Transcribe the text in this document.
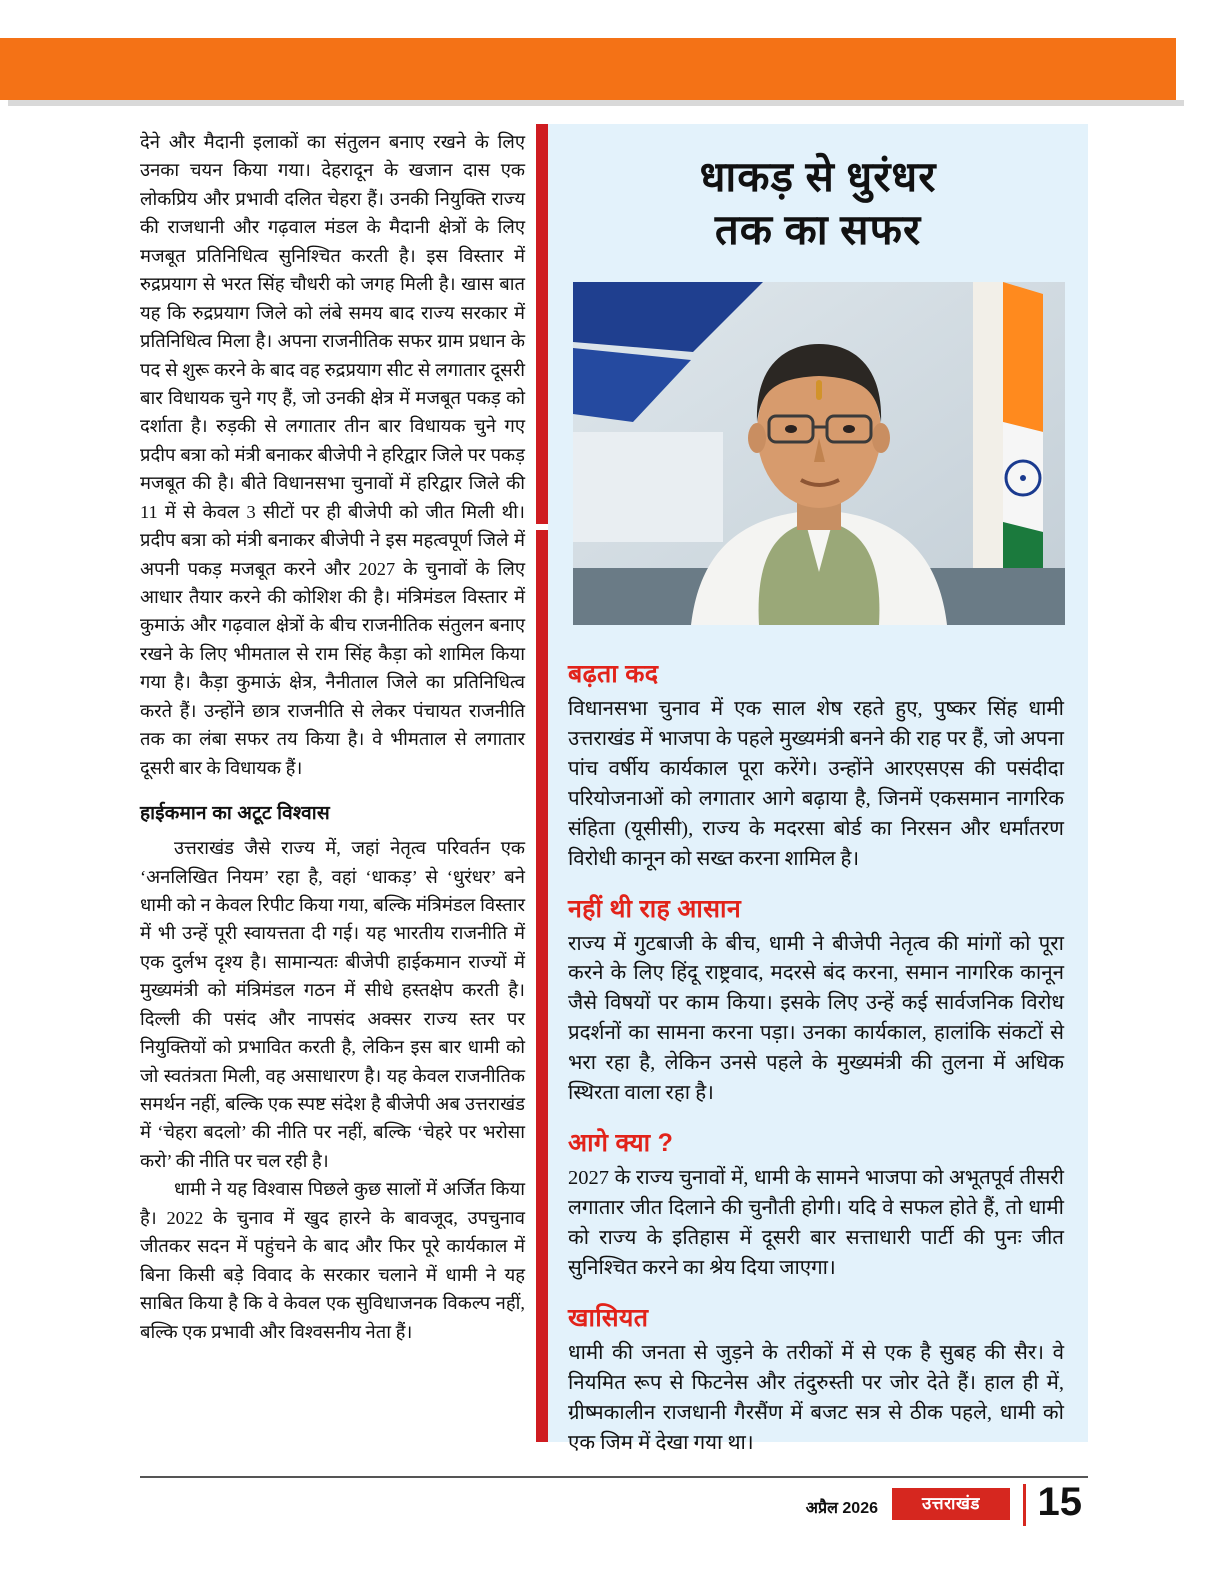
देने और मैदानी इलाकों का संतुलन बनाए रखने के लिए उनका चयन किया गया। देहरादून के खजान दास एक लोकप्रिय और प्रभावी दलित चेहरा हैं। उनकी नियुक्ति राज्य की राजधानी और गढ़वाल मंडल के मैदानी क्षेत्रों के लिए मजबूत प्रतिनिधित्व सुनिश्चित करती है। इस विस्तार में रुद्रप्रयाग से भरत सिंह चौधरी को जगह मिली है। खास बात यह कि रुद्रप्रयाग जिले को लंबे समय बाद राज्य सरकार में प्रतिनिधित्व मिला है। अपना राजनीतिक सफर ग्राम प्रधान के पद से शुरू करने के बाद वह रुद्रप्रयाग सीट से लगातार दूसरी बार विधायक चुने गए हैं, जो उनकी क्षेत्र में मजबूत पकड़ को दर्शाता है। रुड़की से लगातार तीन बार विधायक चुने गए प्रदीप बत्रा को मंत्री बनाकर बीजेपी ने हरिद्वार जिले पर पकड़ मजबूत की है। बीते विधानसभा चुनावों में हरिद्वार जिले की 11 में से केवल 3 सीटों पर ही बीजेपी को जीत मिली थी। प्रदीप बत्रा को मंत्री बनाकर बीजेपी ने इस महत्वपूर्ण जिले में अपनी पकड़ मजबूत करने और 2027 के चुनावों के लिए आधार तैयार करने की कोशिश की है। मंत्रिमंडल विस्तार में कुमाऊं और गढ़वाल क्षेत्रों के बीच राजनीतिक संतुलन बनाए रखने के लिए भीमताल से राम सिंह कैड़ा को शामिल किया गया है। कैड़ा कुमाऊं क्षेत्र, नैनीताल जिले का प्रतिनिधित्व करते हैं। उन्होंने छात्र राजनीति से लेकर पंचायत राजनीति तक का लंबा सफर तय किया है। वे भीमताल से लगातार दूसरी बार के विधायक हैं।

हाईकमान का अटूट विश्वास

उत्तराखंड जैसे राज्य में, जहां नेतृत्व परिवर्तन एक ‘अनलिखित नियम’ रहा है, वहां ‘धाकड़’ से ‘धुरंधर’ बने धामी को न केवल रिपीट किया गया, बल्कि मंत्रिमंडल विस्तार में भी उन्हें पूरी स्वायत्तता दी गई। यह भारतीय राजनीति में एक दुर्लभ दृश्य है। सामान्यतः बीजेपी हाईकमान राज्यों में मुख्यमंत्री को मंत्रिमंडल गठन में सीधे हस्तक्षेप करती है। दिल्ली की पसंद और नापसंद अक्सर राज्य स्तर पर नियुक्तियों को प्रभावित करती है, लेकिन इस बार धामी को जो स्वतंत्रता मिली, वह असाधारण है। यह केवल राजनीतिक समर्थन नहीं, बल्कि एक स्पष्ट संदेश है बीजेपी अब उत्तराखंड में ‘चेहरा बदलो’ की नीति पर नहीं, बल्कि ‘चेहरे पर भरोसा करो’ की नीति पर चल रही है।

धामी ने यह विश्वास पिछले कुछ सालों में अर्जित किया है। 2022 के चुनाव में खुद हारने के बावजूद, उपचुनाव जीतकर सदन में पहुंचने के बाद और फिर पूरे कार्यकाल में बिना किसी बड़े विवाद के सरकार चलाने में धामी ने यह साबित किया है कि वे केवल एक सुविधाजनक विकल्प नहीं, बल्कि एक प्रभावी और विश्वसनीय नेता हैं।

धाकड़ से धुरंधर
तक का सफर
बढ़ता कद

विधानसभा चुनाव में एक साल शेष रहते हुए, पुष्कर सिंह धामी उत्तराखंड में भाजपा के पहले मुख्यमंत्री बनने की राह पर हैं, जो अपना पांच वर्षीय कार्यकाल पूरा करेंगे। उन्होंने आरएसएस की पसंदीदा परियोजनाओं को लगातार आगे बढ़ाया है, जिनमें एकसमान नागरिक संहिता (यूसीसी), राज्य के मदरसा बोर्ड का निरसन और धर्मांतरण विरोधी कानून को सख्त करना शामिल है।

नहीं थी राह आसान

राज्य में गुटबाजी के बीच, धामी ने बीजेपी नेतृत्व की मांगों को पूरा करने के लिए हिंदू राष्ट्रवाद, मदरसे बंद करना, समान नागरिक कानून जैसे विषयों पर काम किया। इसके लिए उन्हें कई सार्वजनिक विरोध प्रदर्शनों का सामना करना पड़ा। उनका कार्यकाल, हालांकि संकटों से भरा रहा है, लेकिन उनसे पहले के मुख्यमंत्री की तुलना में अधिक स्थिरता वाला रहा है।

आगे क्या ?

2027 के राज्य चुनावों में, धामी के सामने भाजपा को अभूतपूर्व तीसरी लगातार जीत दिलाने की चुनौती होगी। यदि वे सफल होते हैं, तो धामी को राज्य के इतिहास में दूसरी बार सत्ताधारी पार्टी की पुनः जीत सुनिश्चित करने का श्रेय दिया जाएगा।

खासियत

धामी की जनता से जुड़ने के तरीकों में से एक है सुबह की सैर। वे नियमित रूप से फिटनेस और तंदुरुस्ती पर जोर देते हैं। हाल ही में, ग्रीष्मकालीन राजधानी गैरसैंण में बजट सत्र से ठीक पहले, धामी को एक जिम में देखा गया था।

अप्रैल 2026	उत्तराखंड	15
